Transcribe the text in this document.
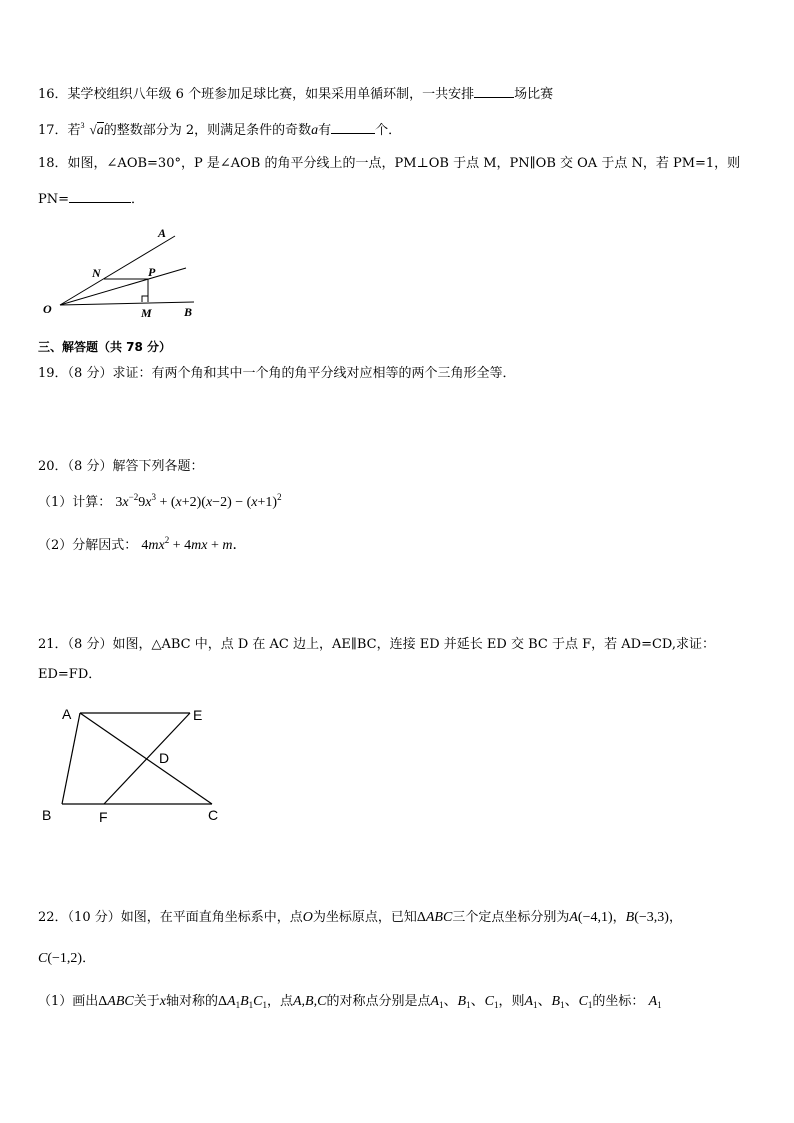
16．某学校组织八年级 6 个班参加足球比赛，如果采用单循环制，一共安排	场比赛
17．若 3 √a的整数部分为 2，则满足条件的奇数a有	个．
18．如图，∠AOB=30°，P 是∠AOB 的角平分线上的一点，PM⊥OB 于点 M，PN∥OB 交 OA 于点 N，若 PM=1，则
PN=	．
A
N	P
O	M	B
三、解答题（共 78 分）
19．（8 分）求证：有两个角和其中一个角的角平分线对应相等的两个三角形全等．
20．（8 分）解答下列各题：
（1）计算： $3x^{-2}9x^3 + (x+2)(x-2) - (x+1)^2$
（2）分解因式： $4mx^2 + 4mx + m$．
21．（8 分）如图，△ABC 中，点 D 在 AC 边上，AE∥BC，连接 ED 并延长 ED 交 BC 于点 F，若 AD=CD,求证：
ED=FD．
A	E
D
B	F	C
22．（10 分）如图，在平面直角坐标系中，点O为坐标原点，已知ΔABC三个定点坐标分别为A(−4,1)，B(−3,3)，
C(−1,2)．
（1）画出ΔABC关于x轴对称的$\Delta A_1B_1C_1$，点A,B,C的对称点分别是点$A_1$、$B_1$、$C_1$，则$A_1$、$B_1$、$C_1$的坐标： $A_1$
